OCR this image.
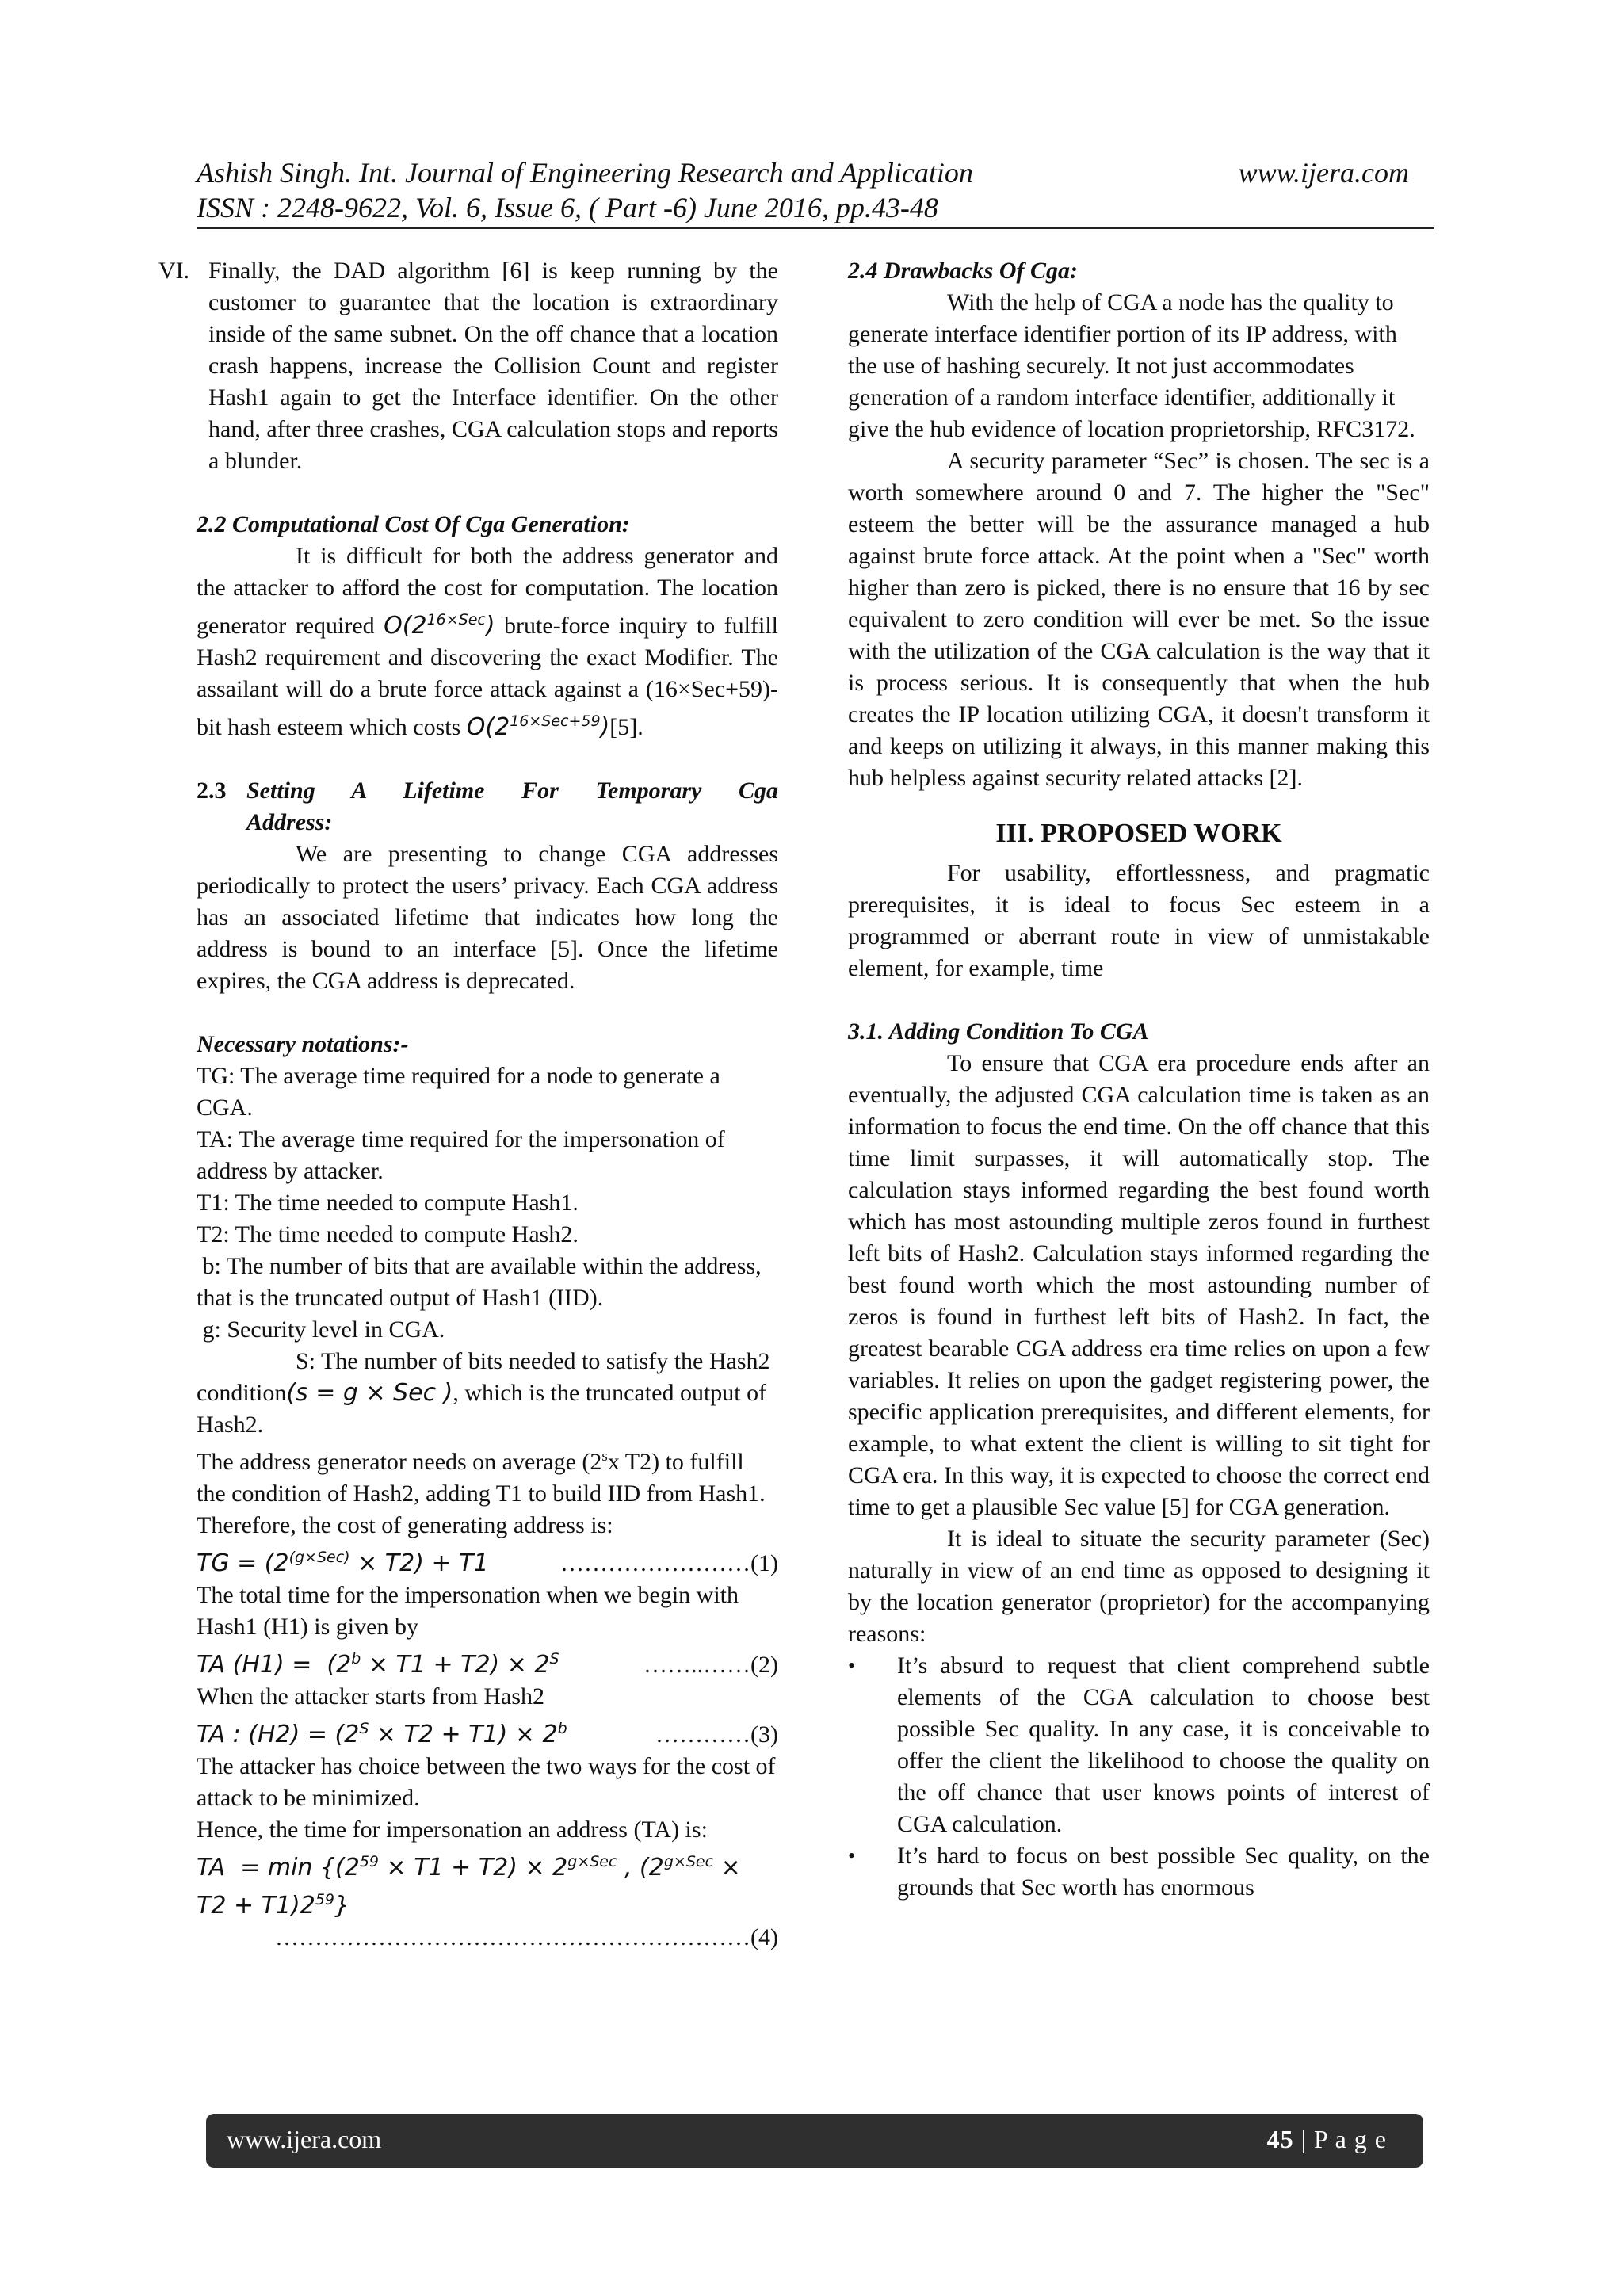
Ashish Singh. Int. Journal of Engineering Research and Application	www.ijera.com
ISSN : 2248-9622, Vol. 6, Issue 6, ( Part -6) June 2016, pp.43-48
VI. Finally, the DAD algorithm [6] is keep running by the customer to guarantee that the location is extraordinary inside of the same subnet. On the off chance that a location crash happens, increase the Collision Count and register Hash1 again to get the Interface identifier. On the other hand, after three crashes, CGA calculation stops and reports a blunder.

2.2 Computational Cost Of Cga Generation:

It is difficult for both the address generator and the attacker to afford the cost for computation. The location generator required $O(2^{16\times Sec})$ brute-force inquiry to fulfill Hash2 requirement and discovering the exact Modifier. The assailant will do a brute force attack against a (16×Sec+59)-bit hash esteem which costs $O(2^{16\times Sec+59})[5]$.

2.3 Setting A Lifetime For Temporary Cga
Address:

We are presenting to change CGA addresses periodically to protect the users’ privacy. Each CGA address has an associated lifetime that indicates how long the address is bound to an interface [5]. Once the lifetime expires, the CGA address is deprecated.

Necessary notations:-

TG: The average time required for a node to generate a CGA.

TA: The average time required for the impersonation of address by attacker.

T1: The time needed to compute Hash1.

T2: The time needed to compute Hash2.

b: The number of bits that are available within the address, that is the truncated output of Hash1 (IID).

g: Security level in CGA.

S: The number of bits needed to satisfy the Hash2 condition(s = g × Sec ), which is the truncated output of Hash2.

The address generator needs on average (2$^s$x T2) to fulfill the condition of Hash2, adding T1 to build IID from Hash1. Therefore, the cost of generating address is:

TG = $(2^{(g\times Sec)} \times T2) + T1$	…………………… (1)

The total time for the impersonation when we begin with Hash1 (H1) is given by

TA $(H1) = (2^b \times T1 + T2) \times 2^S$	……..…… (2)

When the attacker starts from Hash2

TA : $(H2) = (2^S \times T2 + T1) \times 2^b$	………… (3)

The attacker has choice between the two ways for the cost of attack to be minimized.

Hence, the time for impersonation an address (TA) is:

TA  = $\min \{(2^{59} \times T1 + T2) \times 2^{g\times Sec}$ , ($2^{g\times Sec}$ ×
$T2 + T1)2^{59}$}
…………………………………………………… (4)

2.4 Drawbacks Of Cga:

With the help of CGA a node has the quality to generate interface identifier portion of its IP address, with the use of hashing securely. It not just accommodates generation of a random interface identifier, additionally it give the hub evidence of location proprietorship, RFC3172.

A security parameter “Sec” is chosen. The sec is a worth somewhere around 0 and 7. The higher the "Sec" esteem the better will be the assurance managed a hub against brute force attack. At the point when a "Sec" worth higher than zero is picked, there is no ensure that 16 by sec equivalent to zero condition will ever be met. So the issue with the utilization of the CGA calculation is the way that it is process serious. It is consequently that when the hub creates the IP location utilizing CGA, it doesn't transform it and keeps on utilizing it always, in this manner making this hub helpless against security related attacks [2].

III. PROPOSED WORK

For usability, effortlessness, and pragmatic prerequisites, it is ideal to focus Sec esteem in a programmed or aberrant route in view of unmistakable element, for example, time

3.1. Adding Condition To CGA

To ensure that CGA era procedure ends after an eventually, the adjusted CGA calculation time is taken as an information to focus the end time. On the off chance that this time limit surpasses, it will automatically stop. The calculation stays informed regarding the best found worth which has most astounding multiple zeros found in furthest left bits of Hash2. Calculation stays informed regarding the best found worth which the most astounding number of zeros is found in furthest left bits of Hash2. In fact, the greatest bearable CGA address era time relies on upon a few variables. It relies on upon the gadget registering power, the specific application prerequisites, and different elements, for example, to what extent the client is willing to sit tight for CGA era. In this way, it is expected to choose the correct end time to get a plausible Sec value [5] for CGA generation.

It is ideal to situate the security parameter (Sec) naturally in view of an end time as opposed to designing it by the location generator (proprietor) for the accompanying reasons:

•	It’s absurd to request that client comprehend subtle elements of the CGA calculation to choose best possible Sec quality. In any case, it is conceivable to offer the client the likelihood to choose the quality on the off chance that user knows points of interest of CGA calculation.
•	It’s hard to focus on best possible Sec quality, on the grounds that Sec worth has enormous
www.ijera.com	45 | P a g e
